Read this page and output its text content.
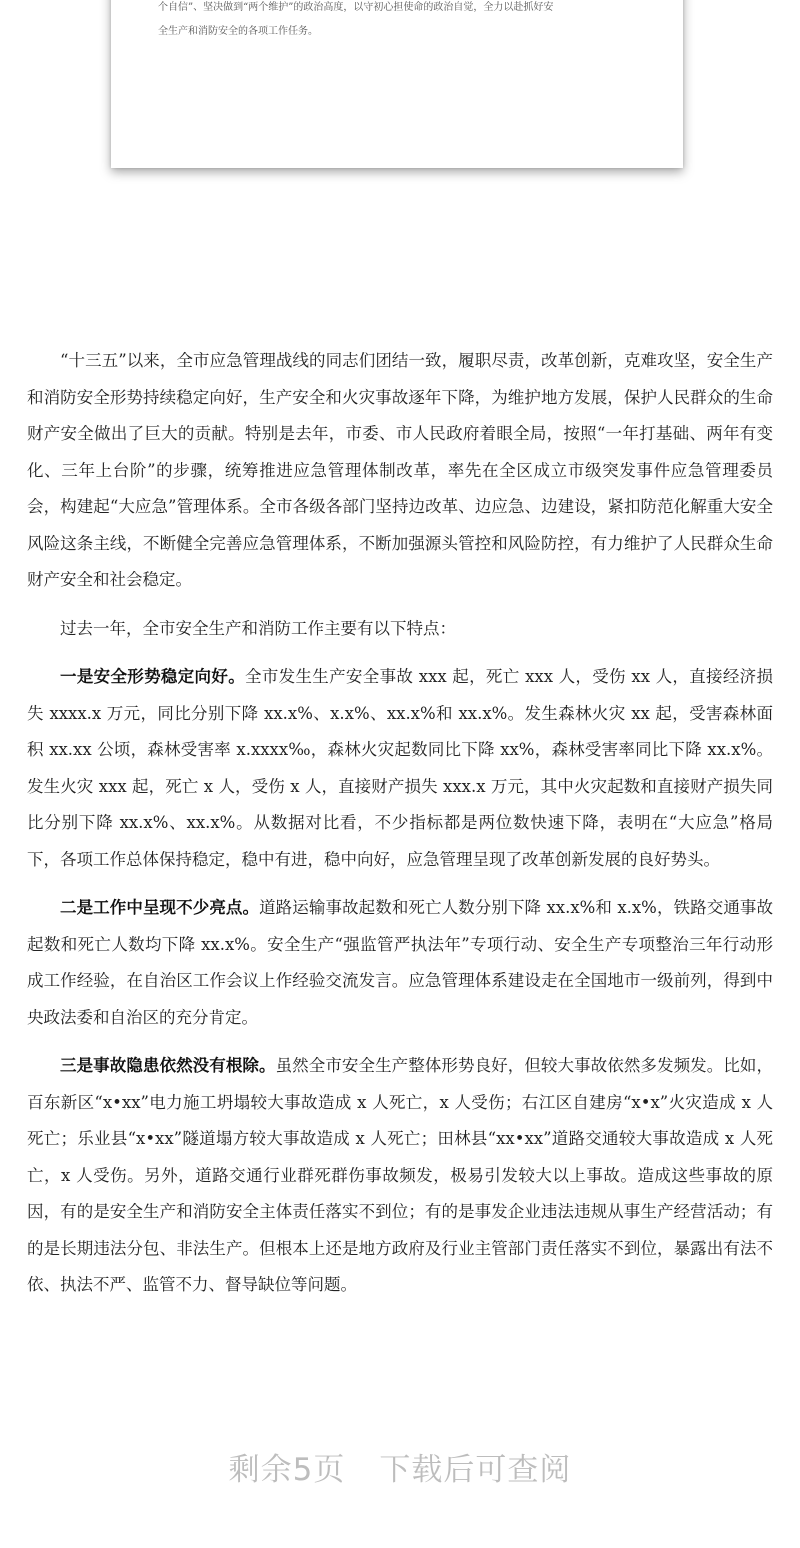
个自信”、坚决做到“两个维护”的政治高度，以守初心担使命的政治自觉，全力以赴抓好安

全生产和消防安全的各项工作任务。

“十三五”以来，全市应急管理战线的同志们团结一致，履职尽责，改革创新，克难攻坚，安全生产和消防安全形势持续稳定向好，生产安全和火灾事故逐年下降，为维护地方发展，保护人民群众的生命财产安全做出了巨大的贡献。特别是去年，市委、市人民政府着眼全局，按照“一年打基础、两年有变化、三年上台阶”的步骤，统筹推进应急管理体制改革，率先在全区成立市级突发事件应急管理委员会，构建起“大应急”管理体系。全市各级各部门坚持边改革、边应急、边建设，紧扣防范化解重大安全风险这条主线，不断健全完善应急管理体系，不断加强源头管控和风险防控，有力维护了人民群众生命财产安全和社会稳定。

过去一年，全市安全生产和消防工作主要有以下特点：

一是安全形势稳定向好。全市发生生产安全事故 xxx 起，死亡 xxx 人，受伤 xx 人，直接经济损失 xxxx.x 万元，同比分别下降 xx.x%、x.x%、xx.x%和 xx.x%。发生森林火灾 xx 起，受害森林面积 xx.xx 公顷，森林受害率 x.xxxx‰，森林火灾起数同比下降 xx%，森林受害率同比下降 xx.x%。发生火灾 xxx 起，死亡 x 人，受伤 x 人，直接财产损失 xxx.x 万元，其中火灾起数和直接财产损失同比分别下降 xx.x%、xx.x%。从数据对比看，不少指标都是两位数快速下降，表明在“大应急”格局下，各项工作总体保持稳定，稳中有进，稳中向好，应急管理呈现了改革创新发展的良好势头。

二是工作中呈现不少亮点。道路运输事故起数和死亡人数分别下降 xx.x%和 x.x%，铁路交通事故起数和死亡人数均下降 xx.x%。安全生产“强监管严执法年”专项行动、安全生产专项整治三年行动形成工作经验，在自治区工作会议上作经验交流发言。应急管理体系建设走在全国地市一级前列，得到中央政法委和自治区的充分肯定。

三是事故隐患依然没有根除。虽然全市安全生产整体形势良好，但较大事故依然多发频发。比如，百东新区“x•xx”电力施工坍塌较大事故造成 x 人死亡，x 人受伤；右江区自建房“x•x”火灾造成 x 人死亡；乐业县“x•xx”隧道塌方较大事故造成 x 人死亡；田林县“xx•xx”道路交通较大事故造成 x 人死亡，x 人受伤。另外，道路交通行业群死群伤事故频发，极易引发较大以上事故。造成这些事故的原因，有的是安全生产和消防安全主体责任落实不到位；有的是事发企业违法违规从事生产经营活动；有的是长期违法分包、非法生产。但根本上还是地方政府及行业主管部门责任落实不到位，暴露出有法不依、执法不严、监管不力、督导缺位等问题。

剩余5页 下载后可查阅
